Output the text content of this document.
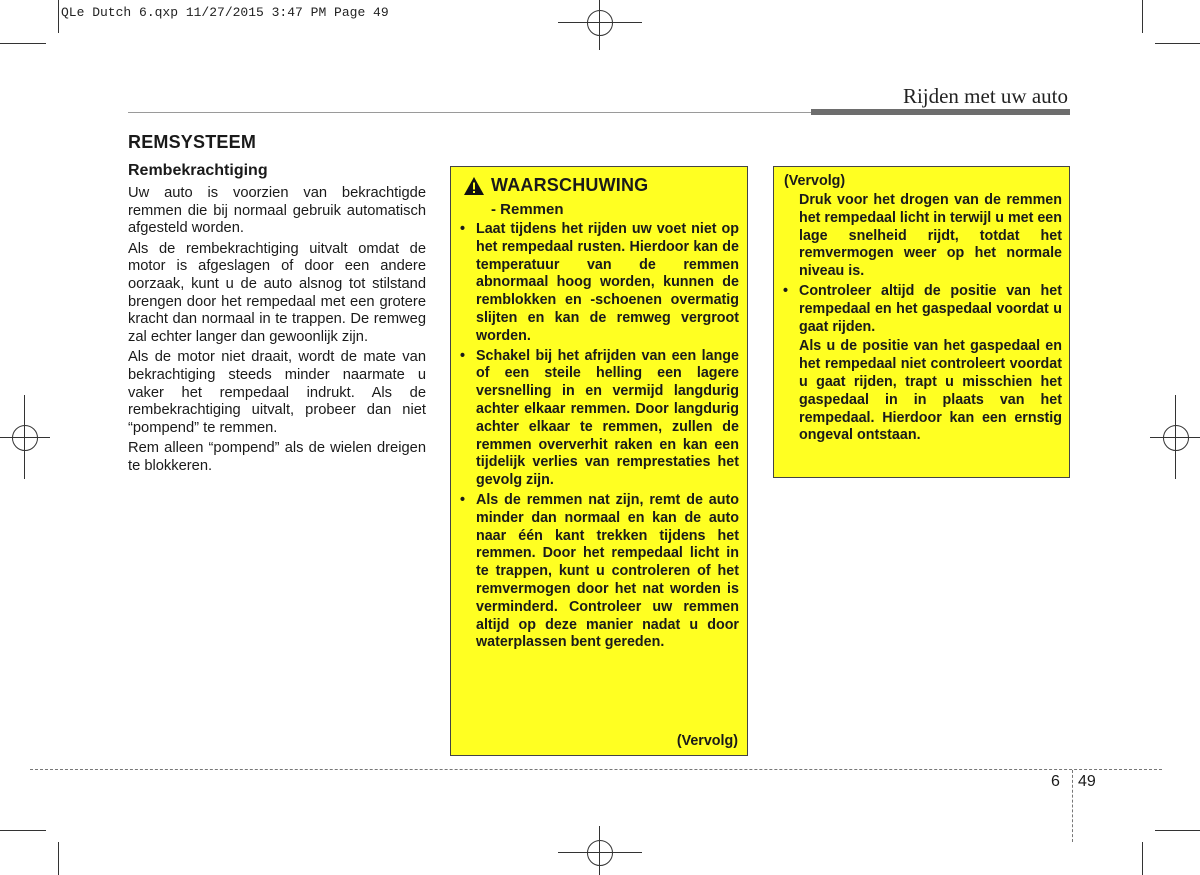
QLe Dutch 6.qxp 11/27/2015 3:47 PM Page 49
Rijden met uw auto
REMSYSTEEM
Rembekrachtiging

Uw auto is voorzien van bekrachtigde remmen die bij normaal gebruik automatisch afgesteld worden.

Als de rembekrachtiging uitvalt omdat de motor is afgeslagen of door een andere oorzaak, kunt u de auto alsnog tot stilstand brengen door het rempedaal met een grotere kracht dan normaal in te trappen. De remweg zal echter langer dan gewoonlijk zijn.

Als de motor niet draait, wordt de mate van bekrachtiging steeds minder naarmate u vaker het rempedaal indrukt. Als de rembekrachtiging uitvalt, probeer dan niet “pompend” te remmen.

Rem alleen “pompend” als de wielen dreigen te blokkeren.

WAARSCHUWING
- Remmen
• Laat tijdens het rijden uw voet niet op het rempedaal rusten. Hierdoor kan de temperatuur van de remmen abnormaal hoog worden, kunnen de remblokken en -schoenen overmatig slijten en kan de remweg vergroot worden.
• Schakel bij het afrijden van een lange of een steile helling een lagere versnelling in en vermijd langdurig achter elkaar remmen. Door langdurig achter elkaar te remmen, zullen de remmen oververhit raken en kan een tijdelijk verlies van remprestaties het gevolg zijn.
• Als de remmen nat zijn, remt de auto minder dan normaal en kan de auto naar één kant trekken tijdens het remmen. Door het rempedaal licht in te trappen, kunt u controleren of het remvermogen door het nat worden is verminderd. Controleer uw remmen altijd op deze manier nadat u door waterplassen bent gereden.
(Vervolg)
(Vervolg)
Druk voor het drogen van de remmen het rempedaal licht in terwijl u met een lage snelheid rijdt, totdat het remvermogen weer op het normale niveau is.
• Controleer altijd de positie van het rempedaal en het gaspedaal voordat u gaat rijden.
Als u de positie van het gaspedaal en het rempedaal niet controleert voordat u gaat rijden, trapt u misschien het gaspedaal in in plaats van het rempedaal. Hierdoor kan een ernstig ongeval ontstaan.
6 49
